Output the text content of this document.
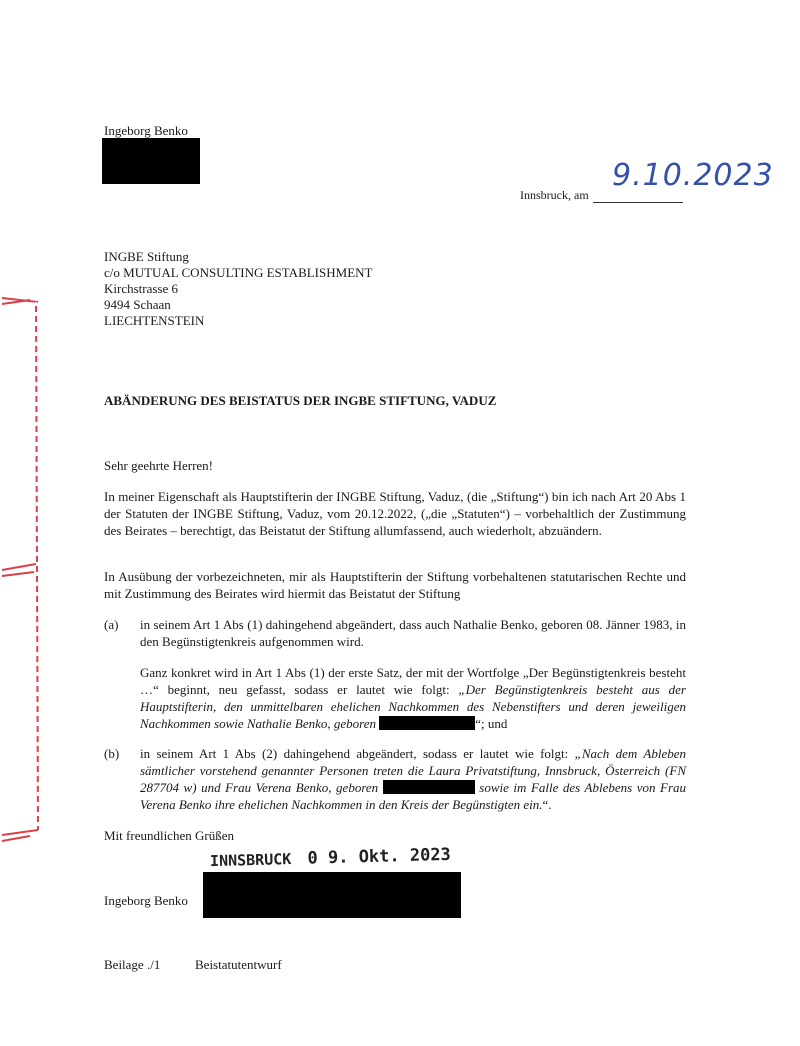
Ingeborg Benko
Innsbruck, am
9.10.2023
INGBE Stiftung
c/o MUTUAL CONSULTING ESTABLISHMENT
Kirchstrasse 6
9494 Schaan
LIECHTENSTEIN
ABÄNDERUNG DES BEISTATUS DER INGBE STIFTUNG, VADUZ
Sehr geehrte Herren!
In meiner Eigenschaft als Hauptstifterin der INGBE Stiftung, Vaduz, (die „Stiftung“) bin ich nach Art 20 Abs 1 der Statuten der INGBE Stiftung, Vaduz, vom 20.12.2022, („die „Statuten“) – vorbehaltlich der Zustimmung des Beirates – berechtigt, das Beistatut der Stiftung allumfassend, auch wiederholt, abzuändern.
In Ausübung der vorbezeichneten, mir als Hauptstifterin der Stiftung vorbehaltenen statutarischen Rechte und mit Zustimmung des Beirates wird hiermit das Beistatut der Stiftung
(a) in seinem Art 1 Abs (1) dahingehend abgeändert, dass auch Nathalie Benko, geboren 08. Jänner 1983, in den Begünstigtenkreis aufgenommen wird.
Ganz konkret wird in Art 1 Abs (1) der erste Satz, der mit der Wortfolge „Der Begünstigtenkreis besteht …“ beginnt, neu gefasst, sodass er lautet wie folgt: „Der Begünstigtenkreis besteht aus der Hauptstifterin, den unmittelbaren ehelichen Nachkommen des Nebenstifters und deren jeweiligen Nachkommen sowie Nathalie Benko, geboren	“; und
(b) in seinem Art 1 Abs (2) dahingehend abgeändert, sodass er lautet wie folgt: „Nach dem Ableben sämtlicher vorstehend genannter Personen treten die Laura Privatstiftung, Innsbruck, Österreich (FN 287704 w) und Frau Verena Benko, geboren	sowie im Falle des Ablebens von Frau Verena Benko ihre ehelichen Nachkommen in den Kreis der Begünstigten ein.“.
Mit freundlichen Grüßen
INNSBRUCK 0 9. Okt. 2023
Ingeborg Benko
Beilage ./1	Beistatutentwurf
